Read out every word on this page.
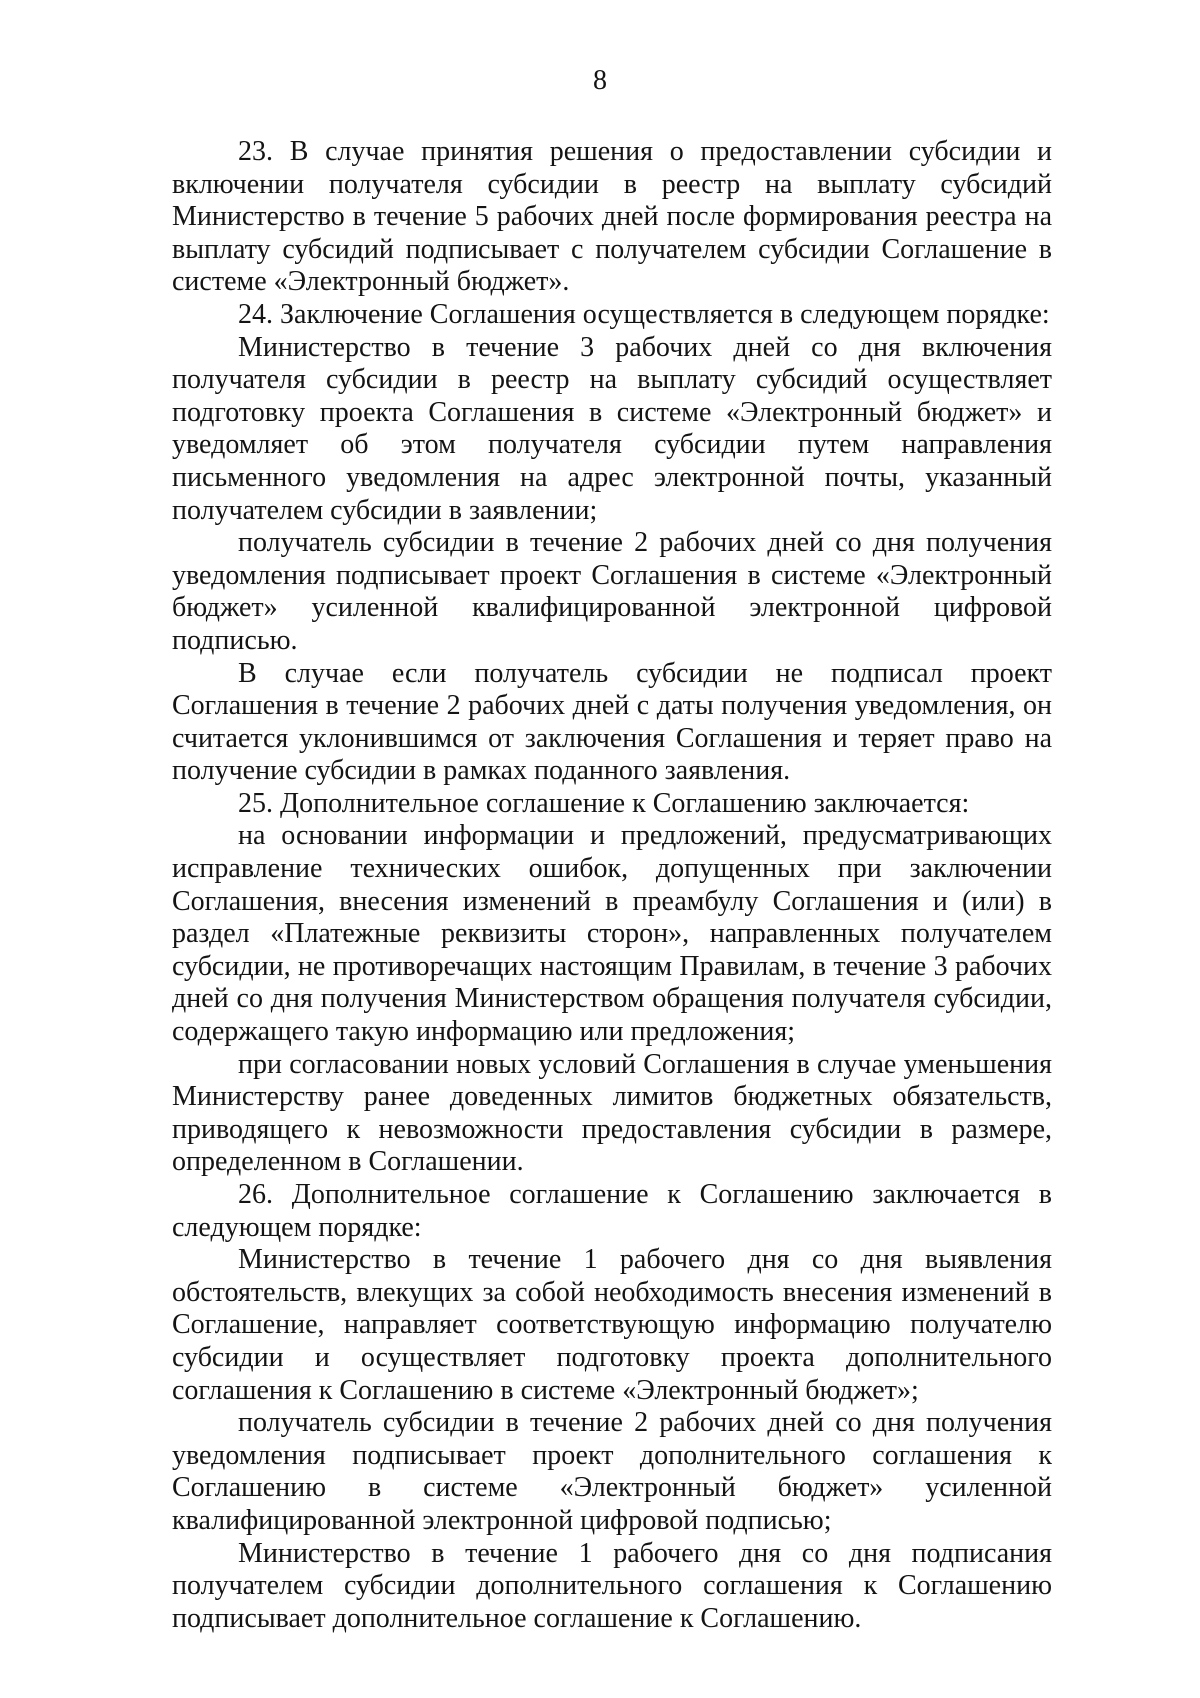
8

23. В случае принятия решения о предоставлении субсидии и включении получателя субсидии в реестр на выплату субсидий Министерство в течение 5 рабочих дней после формирования реестра на выплату субсидий подписывает с получателем субсидии Соглашение в системе «Электронный бюджет».

24. Заключение Соглашения осуществляется в следующем порядке:

Министерство в течение 3 рабочих дней со дня включения получателя субсидии в реестр на выплату субсидий осуществляет подготовку проекта Соглашения в системе «Электронный бюджет» и уведомляет об этом получателя субсидии путем направления письменного уведомления на адрес электронной почты, указанный получателем субсидии в заявлении;

получатель субсидии в течение 2 рабочих дней со дня получения уведомления подписывает проект Соглашения в системе «Электронный бюджет» усиленной квалифицированной электронной цифровой подписью.

В случае если получатель субсидии не подписал проект Соглашения в течение 2 рабочих дней с даты получения уведомления, он считается уклонившимся от заключения Соглашения и теряет право на получение субсидии в рамках поданного заявления.

25. Дополнительное соглашение к Соглашению заключается:

на основании информации и предложений, предусматривающих исправление технических ошибок, допущенных при заключении Соглашения, внесения изменений в преамбулу Соглашения и (или) в раздел «Платежные реквизиты сторон», направленных получателем субсидии, не противоречащих настоящим Правилам, в течение 3 рабочих дней со дня получения Министерством обращения получателя субсидии, содержащего такую информацию или предложения;

при согласовании новых условий Соглашения в случае уменьшения Министерству ранее доведенных лимитов бюджетных обязательств, приводящего к невозможности предоставления субсидии в размере, определенном в Соглашении.

26. Дополнительное соглашение к Соглашению заключается в следующем порядке:

Министерство в течение 1 рабочего дня со дня выявления обстоятельств, влекущих за собой необходимость внесения изменений в Соглашение, направляет соответствующую информацию получателю субсидии и осуществляет подготовку проекта дополнительного соглашения к Соглашению в системе «Электронный бюджет»;

получатель субсидии в течение 2 рабочих дней со дня получения уведомления подписывает проект дополнительного соглашения к Соглашению в системе «Электронный бюджет» усиленной квалифицированной электронной цифровой подписью;

Министерство в течение 1 рабочего дня со дня подписания получателем субсидии дополнительного соглашения к Соглашению подписывает дополнительное соглашение к Соглашению.
